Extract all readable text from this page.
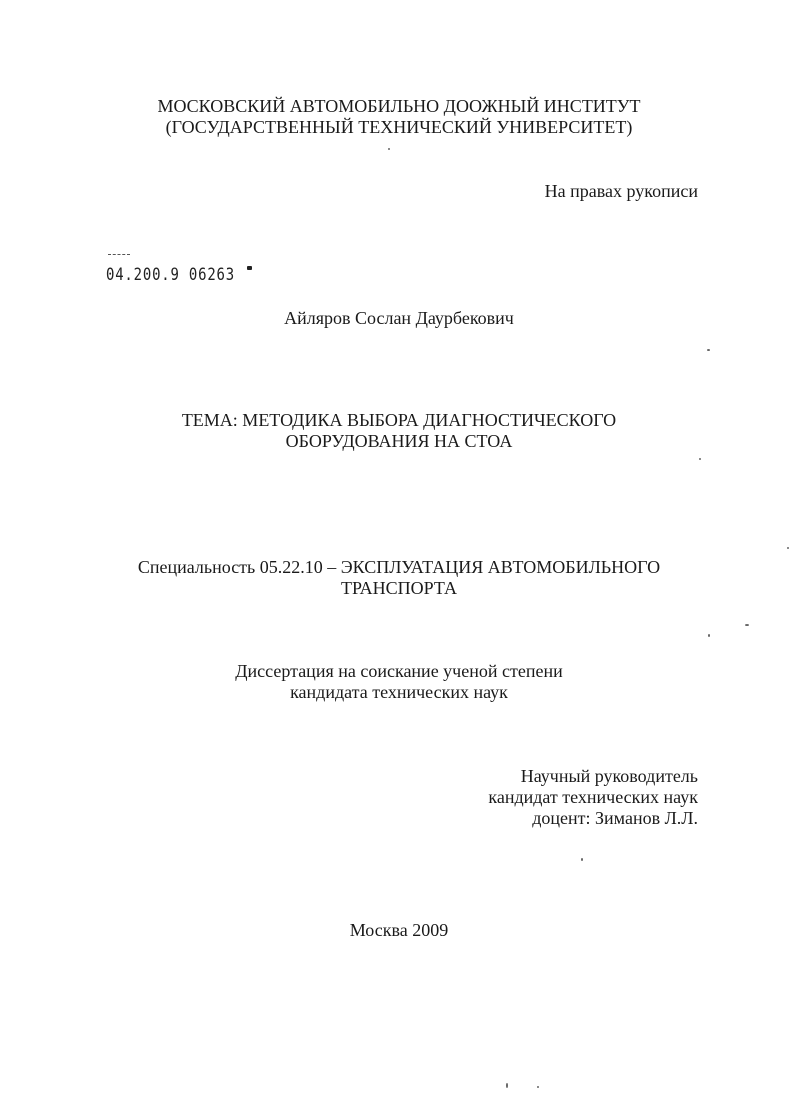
МОСКОВСКИЙ АВТОМОБИЛЬНО ДООЖНЫЙ ИНСТИТУТ
(ГОСУДАРСТВЕННЫЙ ТЕХНИЧЕСКИЙ УНИВЕРСИТЕТ)
На правах рукописи
04.200.9 06263
Айляров Сослан Даурбекович
ТЕМА: МЕТОДИКА ВЫБОРА ДИАГНОСТИЧЕСКОГО
ОБОРУДОВАНИЯ НА СТОА
Специальность 05.22.10 – ЭКСПЛУАТАЦИЯ АВТОМОБИЛЬНОГО
ТРАНСПОРТА
Диссертация на соискание ученой степени
кандидата технических наук
Научный руководитель
кандидат технических наук
доцент: Зиманов Л.Л.
Москва 2009
